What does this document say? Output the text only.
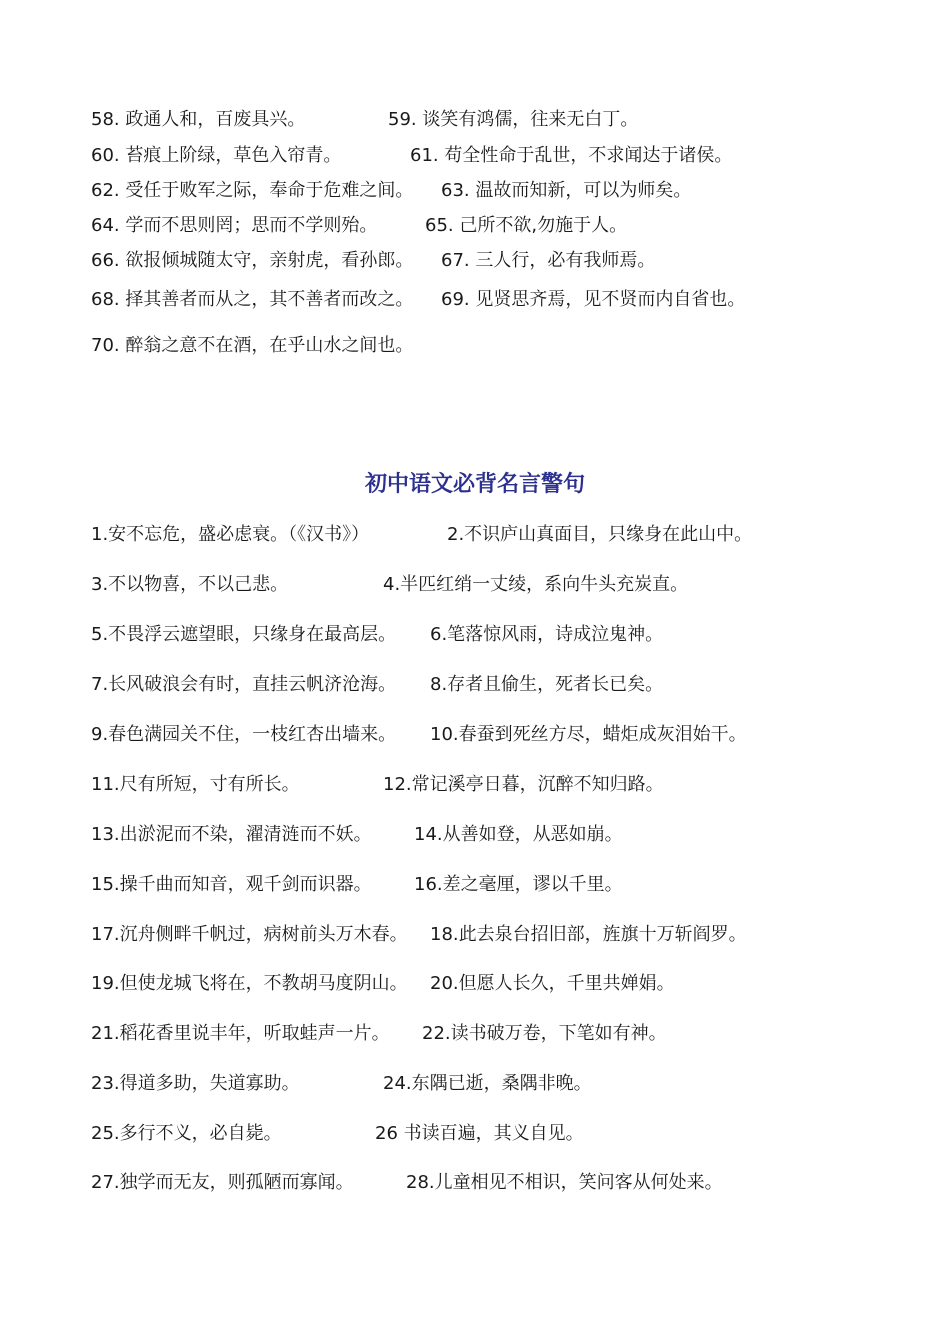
58. 政通人和，百废具兴。	59. 谈笑有鸿儒，往来无白丁。
60. 苔痕上阶绿，草色入帘青。	61. 苟全性命于乱世，不求闻达于诸侯。
62. 受任于败军之际，奉命于危难之间。 63. 温故而知新，可以为师矣。
64. 学而不思则罔；思而不学则殆。	65. 己所不欲,勿施于人。
66. 欲报倾城随太守，亲射虎，看孙郎。 67. 三人行，必有我师焉。
68. 择其善者而从之，其不善者而改之。 69. 见贤思齐焉，见不贤而内自省也。
70. 醉翁之意不在酒，在乎山水之间也。
初中语文必背名言警句
1.安不忘危，盛必虑衰。（《汉书》）	2.不识庐山真面目，只缘身在此山中。
3.不以物喜，不以己悲。	4.半匹红绡一丈绫，系向牛头充炭直。
5.不畏浮云遮望眼，只缘身在最高层。 6.笔落惊风雨，诗成泣鬼神。
7.长风破浪会有时，直挂云帆济沧海。 8.存者且偷生，死者长已矣。
9.春色满园关不住，一枝红杏出墙来。 10.春蚕到死丝方尽，蜡炬成灰泪始干。
11.尺有所短，寸有所长。	12.常记溪亭日暮，沉醉不知归路。
13.出淤泥而不染，濯清涟而不妖。 14.从善如登，从恶如崩。
15.操千曲而知音，观千剑而识器。 16.差之毫厘，谬以千里。
17.沉舟侧畔千帆过，病树前头万木春。 18.此去泉台招旧部，旌旗十万斩阎罗。
19.但使龙城飞将在，不教胡马度阴山。 20.但愿人长久，千里共婵娟。
21.稻花香里说丰年，听取蛙声一片。 22.读书破万卷，下笔如有神。
23.得道多助，失道寡助。	24.东隅已逝，桑隅非晚。
25.多行不义，必自毙。	26 书读百遍，其义自见。
27.独学而无友，则孤陋而寡闻。	28.儿童相见不相识，笑问客从何处来。
